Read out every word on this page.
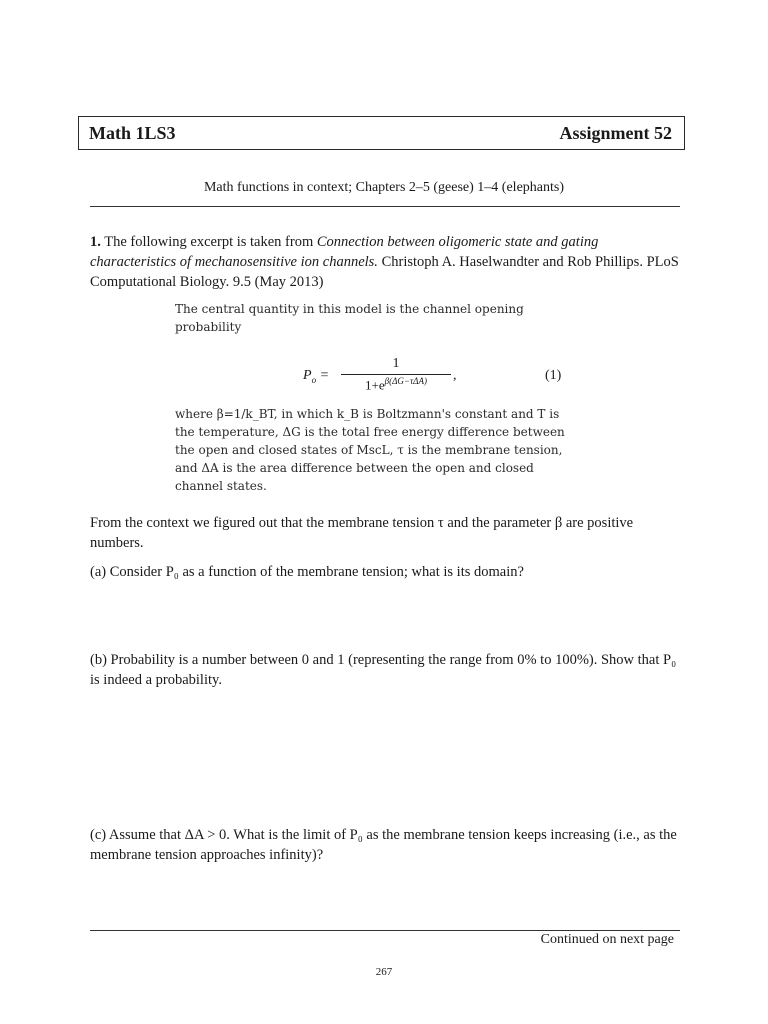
Math 1LS3	Assignment 52
Math functions in context; Chapters 2–5 (geese) 1–4 (elephants)
1. The following excerpt is taken from Connection between oligomeric state and gating characteristics of mechanosensitive ion channels. Christoph A. Haselwandter and Rob Phillips. PLoS Computational Biology. 9.5 (May 2013)
The central quantity in this model is the channel opening probability
$P_o$ =
1
$1+e^{\beta(\Delta G-\tau\Delta A)}$	,	(1)
where β=1/k_BT, in which k_B is Boltzmann's constant and T is the temperature, ΔG is the total free energy difference between the open and closed states of MscL, τ is the membrane tension, and ΔA is the area difference between the open and closed channel states.
From the context we figured out that the membrane tension τ and the parameter β are positive numbers.
(a) Consider P₀ as a function of the membrane tension; what is its domain?
(b) Probability is a number between 0 and 1 (representing the range from 0% to 100%). Show that P₀ is indeed a probability.
(c) Assume that ΔA > 0. What is the limit of P₀ as the membrane tension keeps increasing (i.e., as the membrane tension approaches infinity)?
Continued on next page
267
